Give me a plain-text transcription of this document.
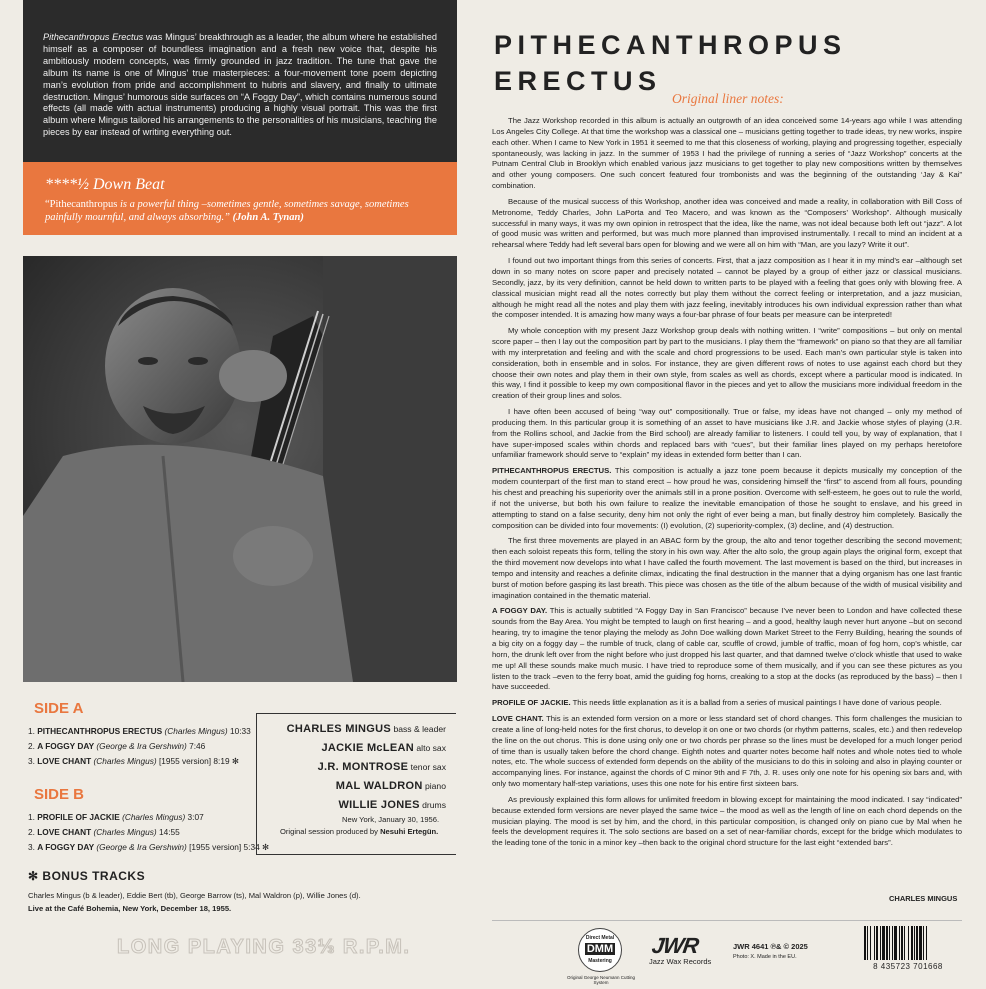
Pithecanthropus Erectus was Mingus’ breakthrough as a leader, the album where he established himself as a composer of boundless imagination and a fresh new voice that, despite his ambitiously modern concepts, was firmly grounded in jazz tradition. The tune that gave the album its name is one of Mingus’ true masterpieces: a four-movement tone poem depicting man’s evolution from pride and accomplishment to hubris and slavery, and finally to ultimate destruction. Mingus’ humorous side surfaces on “A Foggy Day”, which contains numerous sound effects (all made with actual instruments) producing a highly visual portrait. This was the first album where Mingus tailored his arrangements to the personalities of his musicians, teaching the pieces by ear instead of writing everything out.

****½ Down Beat

“Pithecanthropus is a powerful thing –sometimes gentle, sometimes savage, sometimes painfully mournful, and always absorbing.” (John A. Tynan)

SIDE A
1. PITHECANTHROPUS ERECTUS (Charles Mingus) 10:33
2. A FOGGY DAY (George & Ira Gershwin) 7:46
3. LOVE CHANT (Charles Mingus) [1955 version] 8:19 ✻
SIDE B
1. PROFILE OF JACKIE (Charles Mingus) 3:07
2. LOVE CHANT (Charles Mingus) 14:55
3. A FOGGY DAY (George & Ira Gershwin) [1955 version] 5:34 ✻
CHARLES MINGUS bass & leader
JACKIE McLEAN alto sax
J.R. MONTROSE tenor sax
MAL WALDRON piano
WILLIE JONES drums
New York, January 30, 1956.
Original session produced by Nesuhi Ertegün.
✻ BONUS TRACKS
Charles Mingus (b & leader), Eddie Bert (tb), George Barrow (ts), Mal Waldron (p), Willie Jones (d).
Live at the Café Bohemia, New York, December 18, 1955.
LONG PLAYING 33⅓ R.P.M.
PITHECANTHROPUS
ERECTUS
Original liner notes:

The Jazz Workshop recorded in this album is actually an outgrowth of an idea conceived some 14-years ago while I was attending Los Angeles City College. At that time the workshop was a classical one – musicians getting together to trade ideas, try new works, inspire each other. When I came to New York in 1951 it seemed to me that this closeness of working, playing and progressing together, especially spontaneously, was lacking in jazz. In the summer of 1953 I had the privilege of running a series of “Jazz Workshop” concerts at the Putnam Central Club in Brooklyn which enabled various jazz musicians to get together to play new compositions written by themselves and other young composers. One such concert featured four trombonists and was the beginning of the outstanding ‘Jay & Kai” combination.

Because of the musical success of this Workshop, another idea was conceived and made a reality, in collaboration with Bill Coss of Metronome, Teddy Charles, John LaPorta and Teo Macero, and was known as the “Composers’ Workshop”. Although musically successful in many ways, it was my own opinion in retrospect that the idea, like the name, was not ideal because both left out “jazz”. A lot of good music was written and performed, but was much more planned than improvised instrumentally. I recall to mind an incident at a rehearsal where Teddy had left several bars open for blowing and we were all on him with “Man, are you lazy? Write it out”.

I found out two important things from this series of concerts. First, that a jazz composition as I hear it in my mind’s ear –although set down in so many notes on score paper and precisely notated – cannot be played by a group of either jazz or classical musicians. Secondly, jazz, by its very definition, cannot be held down to written parts to be played with a feeling that goes only with blowing free. A classical musician might read all the notes correctly but play them without the correct feeling or interpretation, and a jazz musician, although he might read all the notes and play them with jazz feeling, inevitably introduces his own individual expression rather than what the composer intended. It is amazing how many ways a four-bar phrase of four beats per measure can be interpreted!

My whole conception with my present Jazz Workshop group deals with nothing written. I “write” compositions – but only on mental score paper – then I lay out the composition part by part to the musicians. I play them the “framework” on piano so that they are all familiar with my interpretation and feeling and with the scale and chord progressions to be used. Each man’s own particular style is taken into consideration, both in ensemble and in solos. For instance, they are given different rows of notes to use against each chord but they choose their own notes and play them in their own style, from scales as well as chords, except where a particular mood is indicated. In this way, I find it possible to keep my own compositional flavor in the pieces and yet to allow the musicians more individual freedom in the creation of their group lines and solos.

I have often been accused of being “way out” compositionally. True or false, my ideas have not changed – only my method of producing them. In this particular group it is something of an asset to have musicians like J.R. and Jackie whose styles of playing (J.R. from the Rollins school, and Jackie from the Bird school) are already familiar to listeners. I could tell you, by way of explanation, that I have super-imposed scales within chords and replaced bars with “cues”, but their familiar lines played on my perhaps heretofore unfamiliar framework should serve to “explain” my ideas in extended form better than I can.

PITHECANTHROPUS ERECTUS. This composition is actually a jazz tone poem because it depicts musically my conception of the modern counterpart of the first man to stand erect – how proud he was, considering himself the “first” to ascend from all fours, pounding his chest and preaching his superiority over the animals still in a prone position. Overcome with self-esteem, he goes out to rule the world, if not the universe, but both his own failure to realize the inevitable emancipation of those he sought to enslave, and his greed in attempting to stand on a false security, deny him not only the right of ever being a man, but finally destroy him completely. Basically the composition can be divided into four movements: (I) evolution, (2) superiority-complex, (3) decline, and (4) destruction.

The first three movements are played in an ABAC form by the group, the alto and tenor together describing the second movement; then each soloist repeats this form, telling the story in his own way. After the alto solo, the group again plays the original form, except that the third movement now develops into what I have called the fourth movement. The last movement is based on the third, but increases in tempo and intensity and reaches a definite climax, indicating the final destruction in the manner that a dying organism has one last frantic burst of motion before gasping its last breath. This piece was chosen as the title of the album because of the width of musical visibility and imagination contained in the thematic material.

A FOGGY DAY. This is actually subtitled “A Foggy Day in San Francisco” because I’ve never been to London and have collected these sounds from the Bay Area. You might be tempted to laugh on first hearing – and a good, healthy laugh never hurt anyone –but on second hearing, try to imagine the tenor playing the melody as John Doe walking down Market Street to the Ferry Building, hearing the sounds of a big city on a foggy day – the rumble of truck, clang of cable car, scuffle of crowd, jumble of traffic, moan of fog horn, cop’s whistle, car horn, the drunk left over from the night before who just dropped his last quarter, and that damned twelve o’clock whistle that used to wake me up! All these sounds make much music. I have tried to reproduce some of them musically, and if you can see these pictures as you listen to the track –even to the ferry boat, amid the guiding fog horns, creaking to a stop at the docks (as reproduced by the bass) – then I have succeeded.

PROFILE OF JACKIE. This needs little explanation as it is a ballad from a series of musical paintings I have done of various people.

LOVE CHANT. This is an extended form version on a more or less standard set of chord changes. This form challenges the musician to create a line of long-held notes for the first chorus, to develop it on one or two chords (or rhythm patterns, scales, etc.) and then redevelop the line on the out chorus. This is done using only one or two chords per phrase so the lines must be developed for a much longer period of time than is usually taken before the chord change. Eighth notes and quarter notes become half notes and whole notes tied to whole notes, etc. The whole success of extended form depends on the ability of the musicians to do this in soloing and also in playing counter or accompanying lines. For instance, against the chords of C minor 9th and F 7th, J. R. uses only one note for his opening six bars and, with only two momentary half-step variations, uses this one note for his entire first sixteen bars.

As previously explained this form allows for unlimited freedom in blowing except for maintaining the mood indicated. I say “indicated” because extended form versions are never played the same twice – the mood as well as the length of line on each chord depends on the musician playing. The mood is set by him, and the chord, in this particular composition, is changed only on piano cue by Mal when he feels the development requires it. The solo sections are based on a set of near-familiar chords, except for the bridge which modulates to the leading tone of the tonic in a minor key –then back to the original chord structure for the last eight “extended bars”.

CHARLES MINGUS
Direct Metal
DMM
Mastering
Original George Neumann Cutting System
JWR
Jazz Wax Records
JWR 4641 ℗& © 2025
Photo: X. Made in the EU.
8 435723 701668
